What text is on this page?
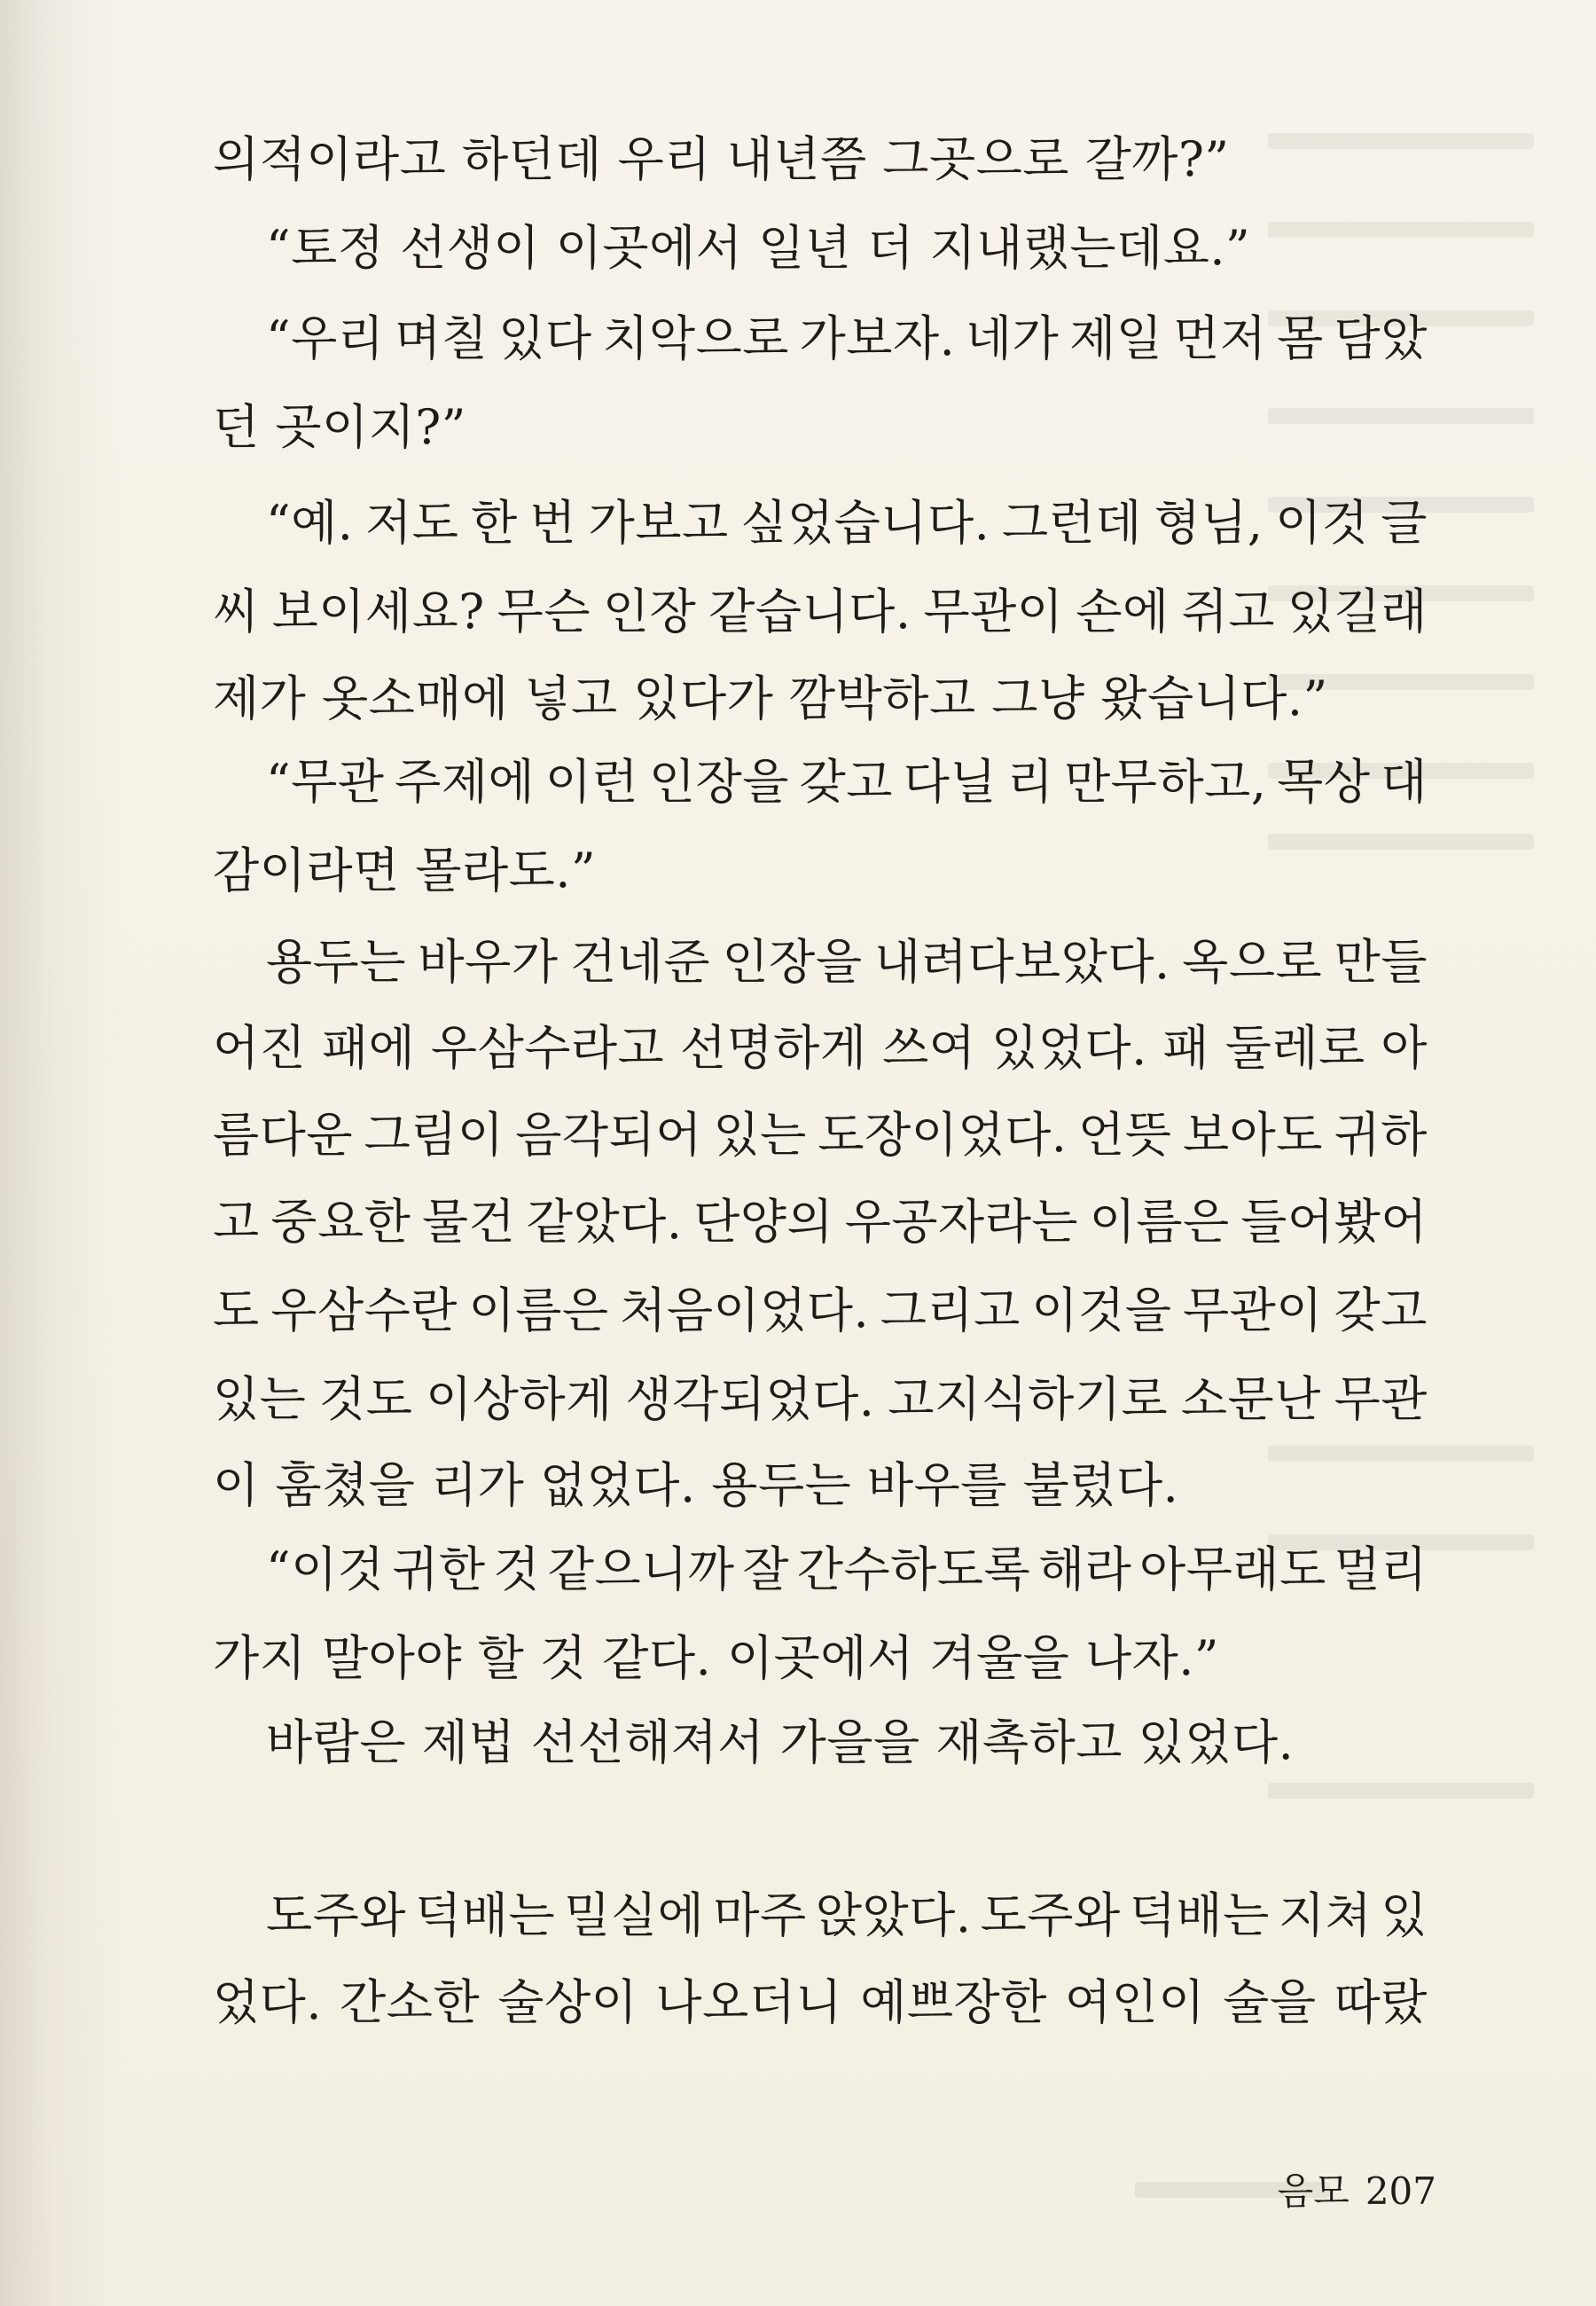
의적이라고 하던데 우리 내년쯤 그곳으로 갈까?”
“토정 선생이 이곳에서 일년 더 지내랬는데요.”
“우리 며칠 있다 치악으로 가보자. 네가 제일 먼저 몸 담았
던 곳이지?”
“예. 저도 한 번 가보고 싶었습니다. 그런데 형님, 이것 글
씨 보이세요? 무슨 인장 같습니다. 무관이 손에 쥐고 있길래
제가 옷소매에 넣고 있다가 깜박하고 그냥 왔습니다.”
“무관 주제에 이런 인장을 갖고 다닐 리 만무하고, 목상 대
감이라면 몰라도.”
용두는 바우가 건네준 인장을 내려다보았다. 옥으로 만들
어진 패에 우삼수라고 선명하게 쓰여 있었다. 패 둘레로 아
름다운 그림이 음각되어 있는 도장이었다. 언뜻 보아도 귀하
고 중요한 물건 같았다. 단양의 우공자라는 이름은 들어봤어
도 우삼수란 이름은 처음이었다. 그리고 이것을 무관이 갖고
있는 것도 이상하게 생각되었다. 고지식하기로 소문난 무관
이 훔쳤을 리가 없었다. 용두는 바우를 불렀다.
“이것 귀한 것 같으니까 잘 간수하도록 해라 아무래도 멀리
가지 말아야 할 것 같다. 이곳에서 겨울을 나자.”
바람은 제법 선선해져서 가을을 재촉하고 있었다.
도주와 덕배는 밀실에 마주 앉았다. 도주와 덕배는 지쳐 있
었다. 간소한 술상이 나오더니 예쁘장한 여인이 술을 따랐
음모 207
